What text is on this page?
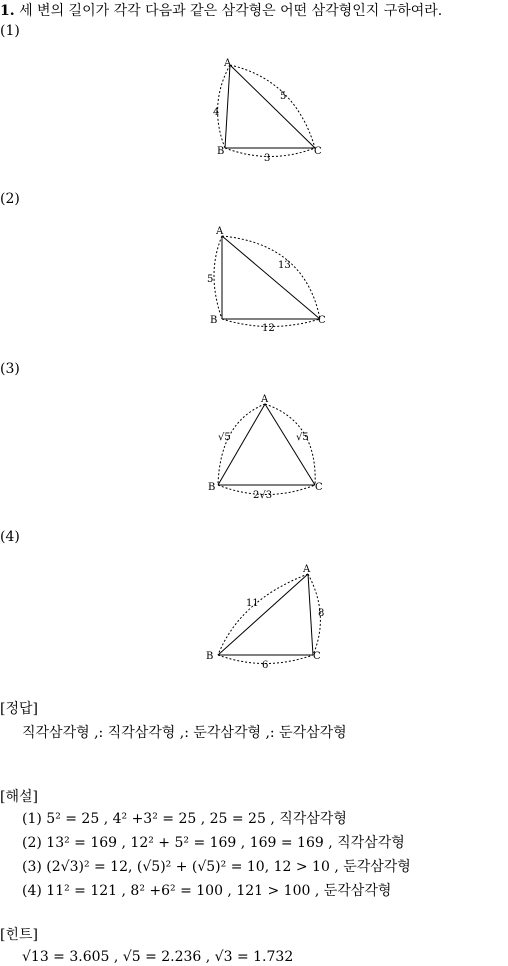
1. 세 변의 길이가 각각 다음과 같은 삼각형은 어떤 삼각형인지 구하여라.
(1)
A
B	C
5
4
3
(2)
A
B	C
13
5
12
(3)
A
B	C
√5	√5
2√3
(4)
A
B	C
11
8
6
[정답]
직각삼각형 ,: 직각삼각형 ,: 둔각삼각형 ,: 둔각삼각형
[해설]
(1) 5² = 25 , 4² +3² = 25 , 25 = 25 , 직각삼각형
(2) 13² = 169 , 12² + 5² = 169 , 169 = 169 , 직각삼각형
(3) (2√3)² = 12, (√5)² + (√5)² = 10, 12 > 10 , 둔각삼각형
(4) 11² = 121 , 8² +6² = 100 , 121 > 100 , 둔각삼각형
[힌트]
√13 = 3.605 , √5 = 2.236 , √3 = 1.732
